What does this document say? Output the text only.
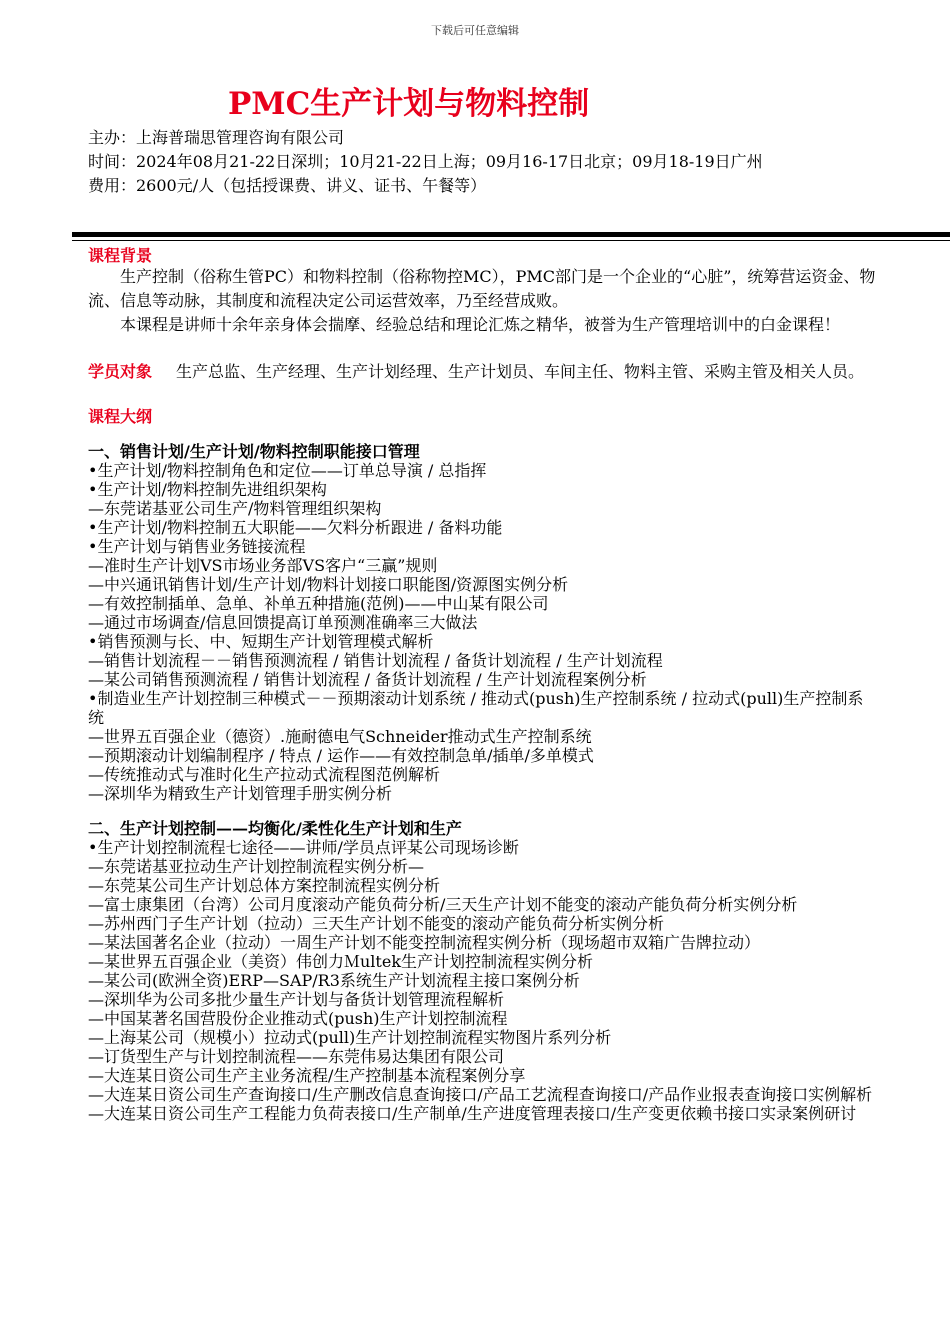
下载后可任意编辑
PMC生产计划与物料控制
主办：上海普瑞思管理咨询有限公司
时间：2024年08月21-22日深圳；10月21-22日上海；09月16-17日北京；09月18-19日广州
费用：2600元/人（包括授课费、讲义、证书、午餐等）
课程背景

生产控制（俗称生管PC）和物料控制（俗称物控MC），PMC部门是一个企业的“心脏”，统筹营运资金、物流、信息等动脉，其制度和流程决定公司运营效率，乃至经营成败。

本课程是讲师十余年亲身体会揣摩、经验总结和理论汇炼之精华，被誉为生产管理培训中的白金课程！

学员对象 生产总监、生产经理、生产计划经理、生产计划员、车间主任、物料主管、采购主管及相关人员。
课程大纲
一、销售计划/生产计划/物料控制职能接口管理
•生产计划/物料控制角色和定位——订单总导演 / 总指挥
•生产计划/物料控制先进组织架构
—东莞诺基亚公司生产/物料管理组织架构
•生产计划/物料控制五大职能——欠料分析跟进 / 备料功能
•生产计划与销售业务链接流程
—准时生产计划VS市场业务部VS客户“三赢”规则
—中兴通讯销售计划/生产计划/物料计划接口职能图/资源图实例分析
—有效控制插单、急单、补单五种措施(范例)——中山某有限公司
—通过市场调查/信息回馈提高订单预测准确率三大做法
•销售预测与长、中、短期生产计划管理模式解析
—销售计划流程－－销售预测流程 / 销售计划流程 / 备货计划流程 / 生产计划流程
—某公司销售预测流程 / 销售计划流程 / 备货计划流程 / 生产计划流程案例分析
•制造业生产计划控制三种模式－－预期滚动计划系统 / 推动式(push)生产控制系统 / 拉动式(pull)生产控制系统
—世界五百强企业（德资）.施耐德电气Schneider推动式生产控制系统
—预期滚动计划编制程序 / 特点 / 运作——有效控制急单/插单/多单模式
—传统推动式与准时化生产拉动式流程图范例解析
—深圳华为精致生产计划管理手册实例分析
二、生产计划控制——均衡化/柔性化生产计划和生产
•生产计划控制流程七途径——讲师/学员点评某公司现场诊断
—东莞诺基亚拉动生产计划控制流程实例分析—
—东莞某公司生产计划总体方案控制流程实例分析
—富士康集团（台湾）公司月度滚动产能负荷分析/三天生产计划不能变的滚动产能负荷分析实例分析
—苏州西门子生产计划（拉动）三天生产计划不能变的滚动产能负荷分析实例分析
—某法国著名企业（拉动）一周生产计划不能变控制流程实例分析（现场超市双箱广告牌拉动）
—某世界五百强企业（美资）伟创力Ｍultek生产计划控制流程实例分析
—某公司(欧洲全资)ERP—SAP/R3系统生产计划流程主接口案例分析
—深圳华为公司多批少量生产计划与备货计划管理流程解析
—中国某著名国营股份企业推动式(push)生产计划控制流程
—上海某公司（规模小）拉动式(pull)生产计划控制流程实物图片系列分析
—订货型生产与计划控制流程——东莞伟易达集团有限公司
—大连某日资公司生产主业务流程/生产控制基本流程案例分享
—大连某日资公司生产查询接口/生产删改信息查询接口/产品工艺流程查询接口/产品作业报表查询接口实例解析
—大连某日资公司生产工程能力负荷表接口/生产制单/生产进度管理表接口/生产变更依赖书接口实录案例研讨
